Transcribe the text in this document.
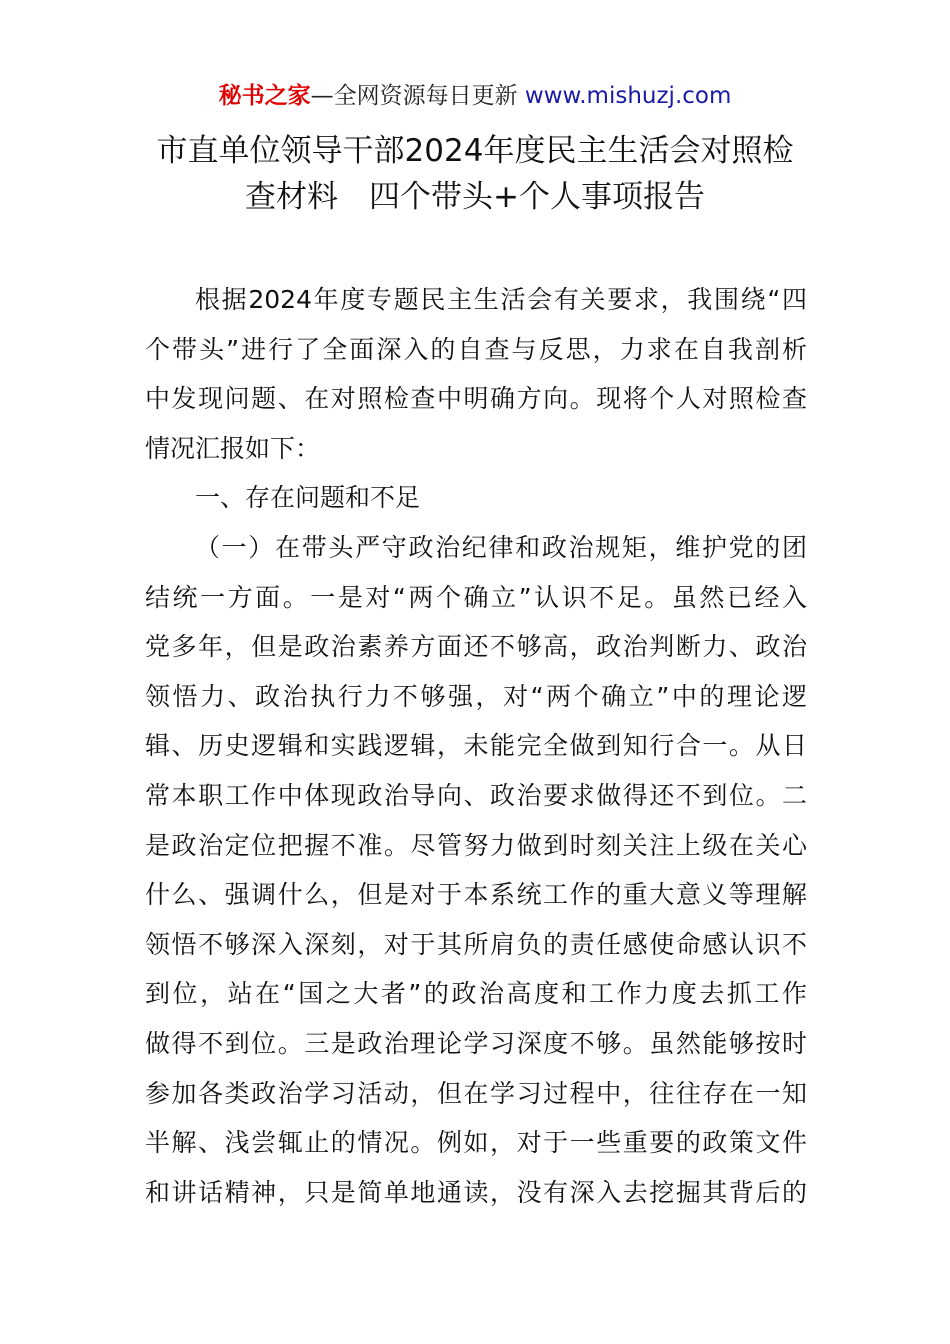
秘书之家—全网资源每日更新 www.mishuzj.com
市直单位领导干部2024年度民主生活会对照检
查材料　四个带头+个人事项报告
根据2024年度专题民主生活会有关要求，我围绕“四
个带头”进行了全面深入的自查与反思，力求在自我剖析
中发现问题、在对照检查中明确方向。现将个人对照检查
情况汇报如下：
一、存在问题和不足
（一）在带头严守政治纪律和政治规矩，维护党的团
结统一方面。一是对“两个确立”认识不足。虽然已经入
党多年，但是政治素养方面还不够高，政治判断力、政治
领悟力、政治执行力不够强，对“两个确立”中的理论逻
辑、历史逻辑和实践逻辑，未能完全做到知行合一。从日
常本职工作中体现政治导向、政治要求做得还不到位。二
是政治定位把握不准。尽管努力做到时刻关注上级在关心
什么、强调什么，但是对于本系统工作的重大意义等理解
领悟不够深入深刻，对于其所肩负的责任感使命感认识不
到位，站在“国之大者”的政治高度和工作力度去抓工作
做得不到位。三是政治理论学习深度不够。虽然能够按时
参加各类政治学习活动，但在学习过程中，往往存在一知
半解、浅尝辄止的情况。例如，对于一些重要的政策文件
和讲话精神，只是简单地通读，没有深入去挖掘其背后的
